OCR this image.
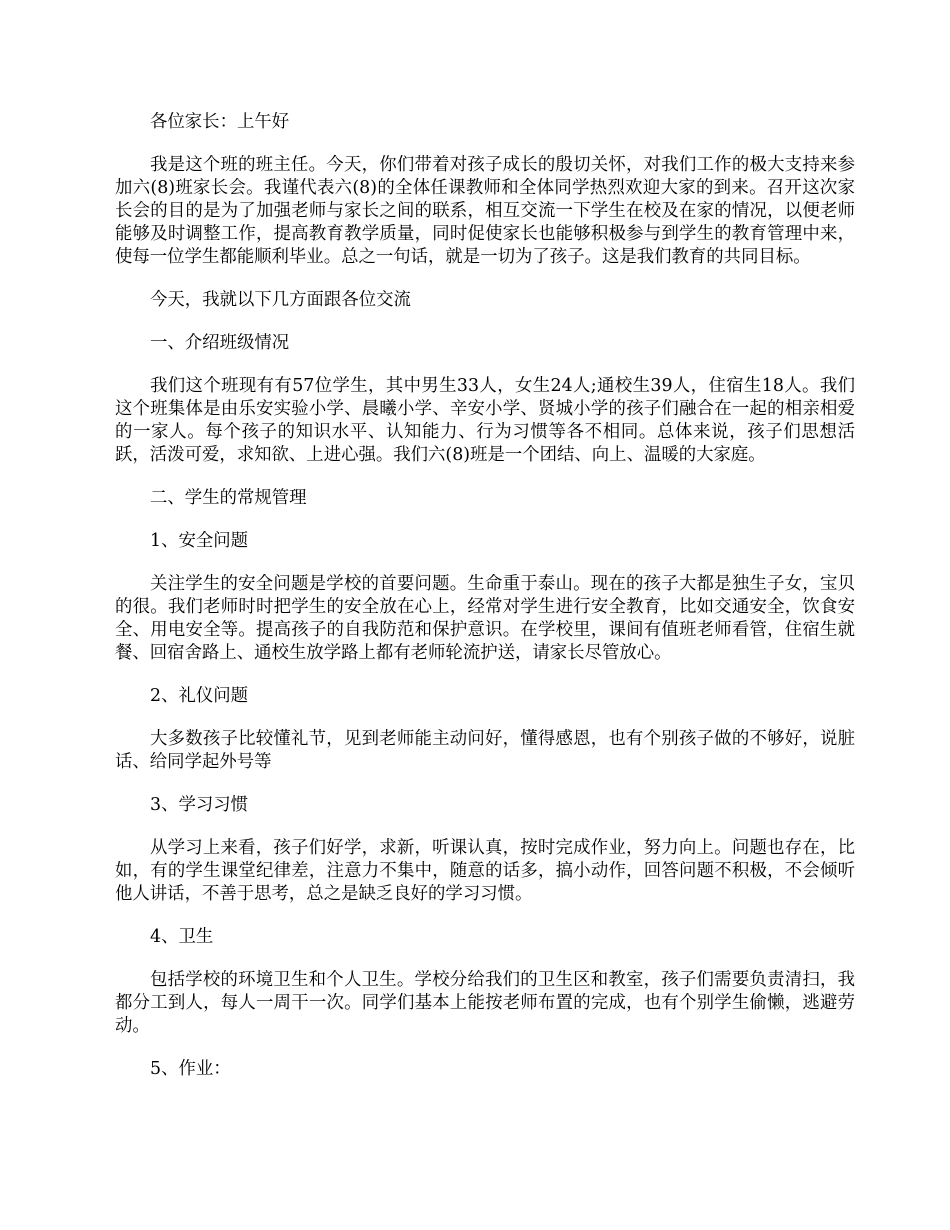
各位家长：上午好

我是这个班的班主任。今天，你们带着对孩子成长的殷切关怀，对我们工作的极大支持来参加六(8)班家长会。我谨代表六(8)的全体任课教师和全体同学热烈欢迎大家的到来。召开这次家长会的目的是为了加强老师与家长之间的联系，相互交流一下学生在校及在家的情况，以便老师能够及时调整工作，提高教育教学质量，同时促使家长也能够积极参与到学生的教育管理中来，使每一位学生都能顺利毕业。总之一句话，就是一切为了孩子。这是我们教育的共同目标。

今天，我就以下几方面跟各位交流

一、介绍班级情况

我们这个班现有有57位学生，其中男生33人，女生24人;通校生39人，住宿生18人。我们这个班集体是由乐安实验小学、晨曦小学、辛安小学、贤城小学的孩子们融合在一起的相亲相爱的一家人。每个孩子的知识水平、认知能力、行为习惯等各不相同。总体来说，孩子们思想活跃，活泼可爱，求知欲、上进心强。我们六(8)班是一个团结、向上、温暖的大家庭。

二、学生的常规管理

1、安全问题

关注学生的安全问题是学校的首要问题。生命重于泰山。现在的孩子大都是独生子女，宝贝的很。我们老师时时把学生的安全放在心上，经常对学生进行安全教育，比如交通安全，饮食安全、用电安全等。提高孩子的自我防范和保护意识。在学校里，课间有值班老师看管，住宿生就餐、回宿舍路上、通校生放学路上都有老师轮流护送，请家长尽管放心。

2、礼仪问题

大多数孩子比较懂礼节，见到老师能主动问好，懂得感恩，也有个别孩子做的不够好，说脏话、给同学起外号等

3、学习习惯

从学习上来看，孩子们好学，求新，听课认真，按时完成作业，努力向上。问题也存在，比如，有的学生课堂纪律差，注意力不集中，随意的话多，搞小动作，回答问题不积极，不会倾听他人讲话，不善于思考，总之是缺乏良好的学习习惯。

4、卫生

包括学校的环境卫生和个人卫生。学校分给我们的卫生区和教室，孩子们需要负责清扫，我都分工到人，每人一周干一次。同学们基本上能按老师布置的完成，也有个别学生偷懒，逃避劳动。

5、作业：
